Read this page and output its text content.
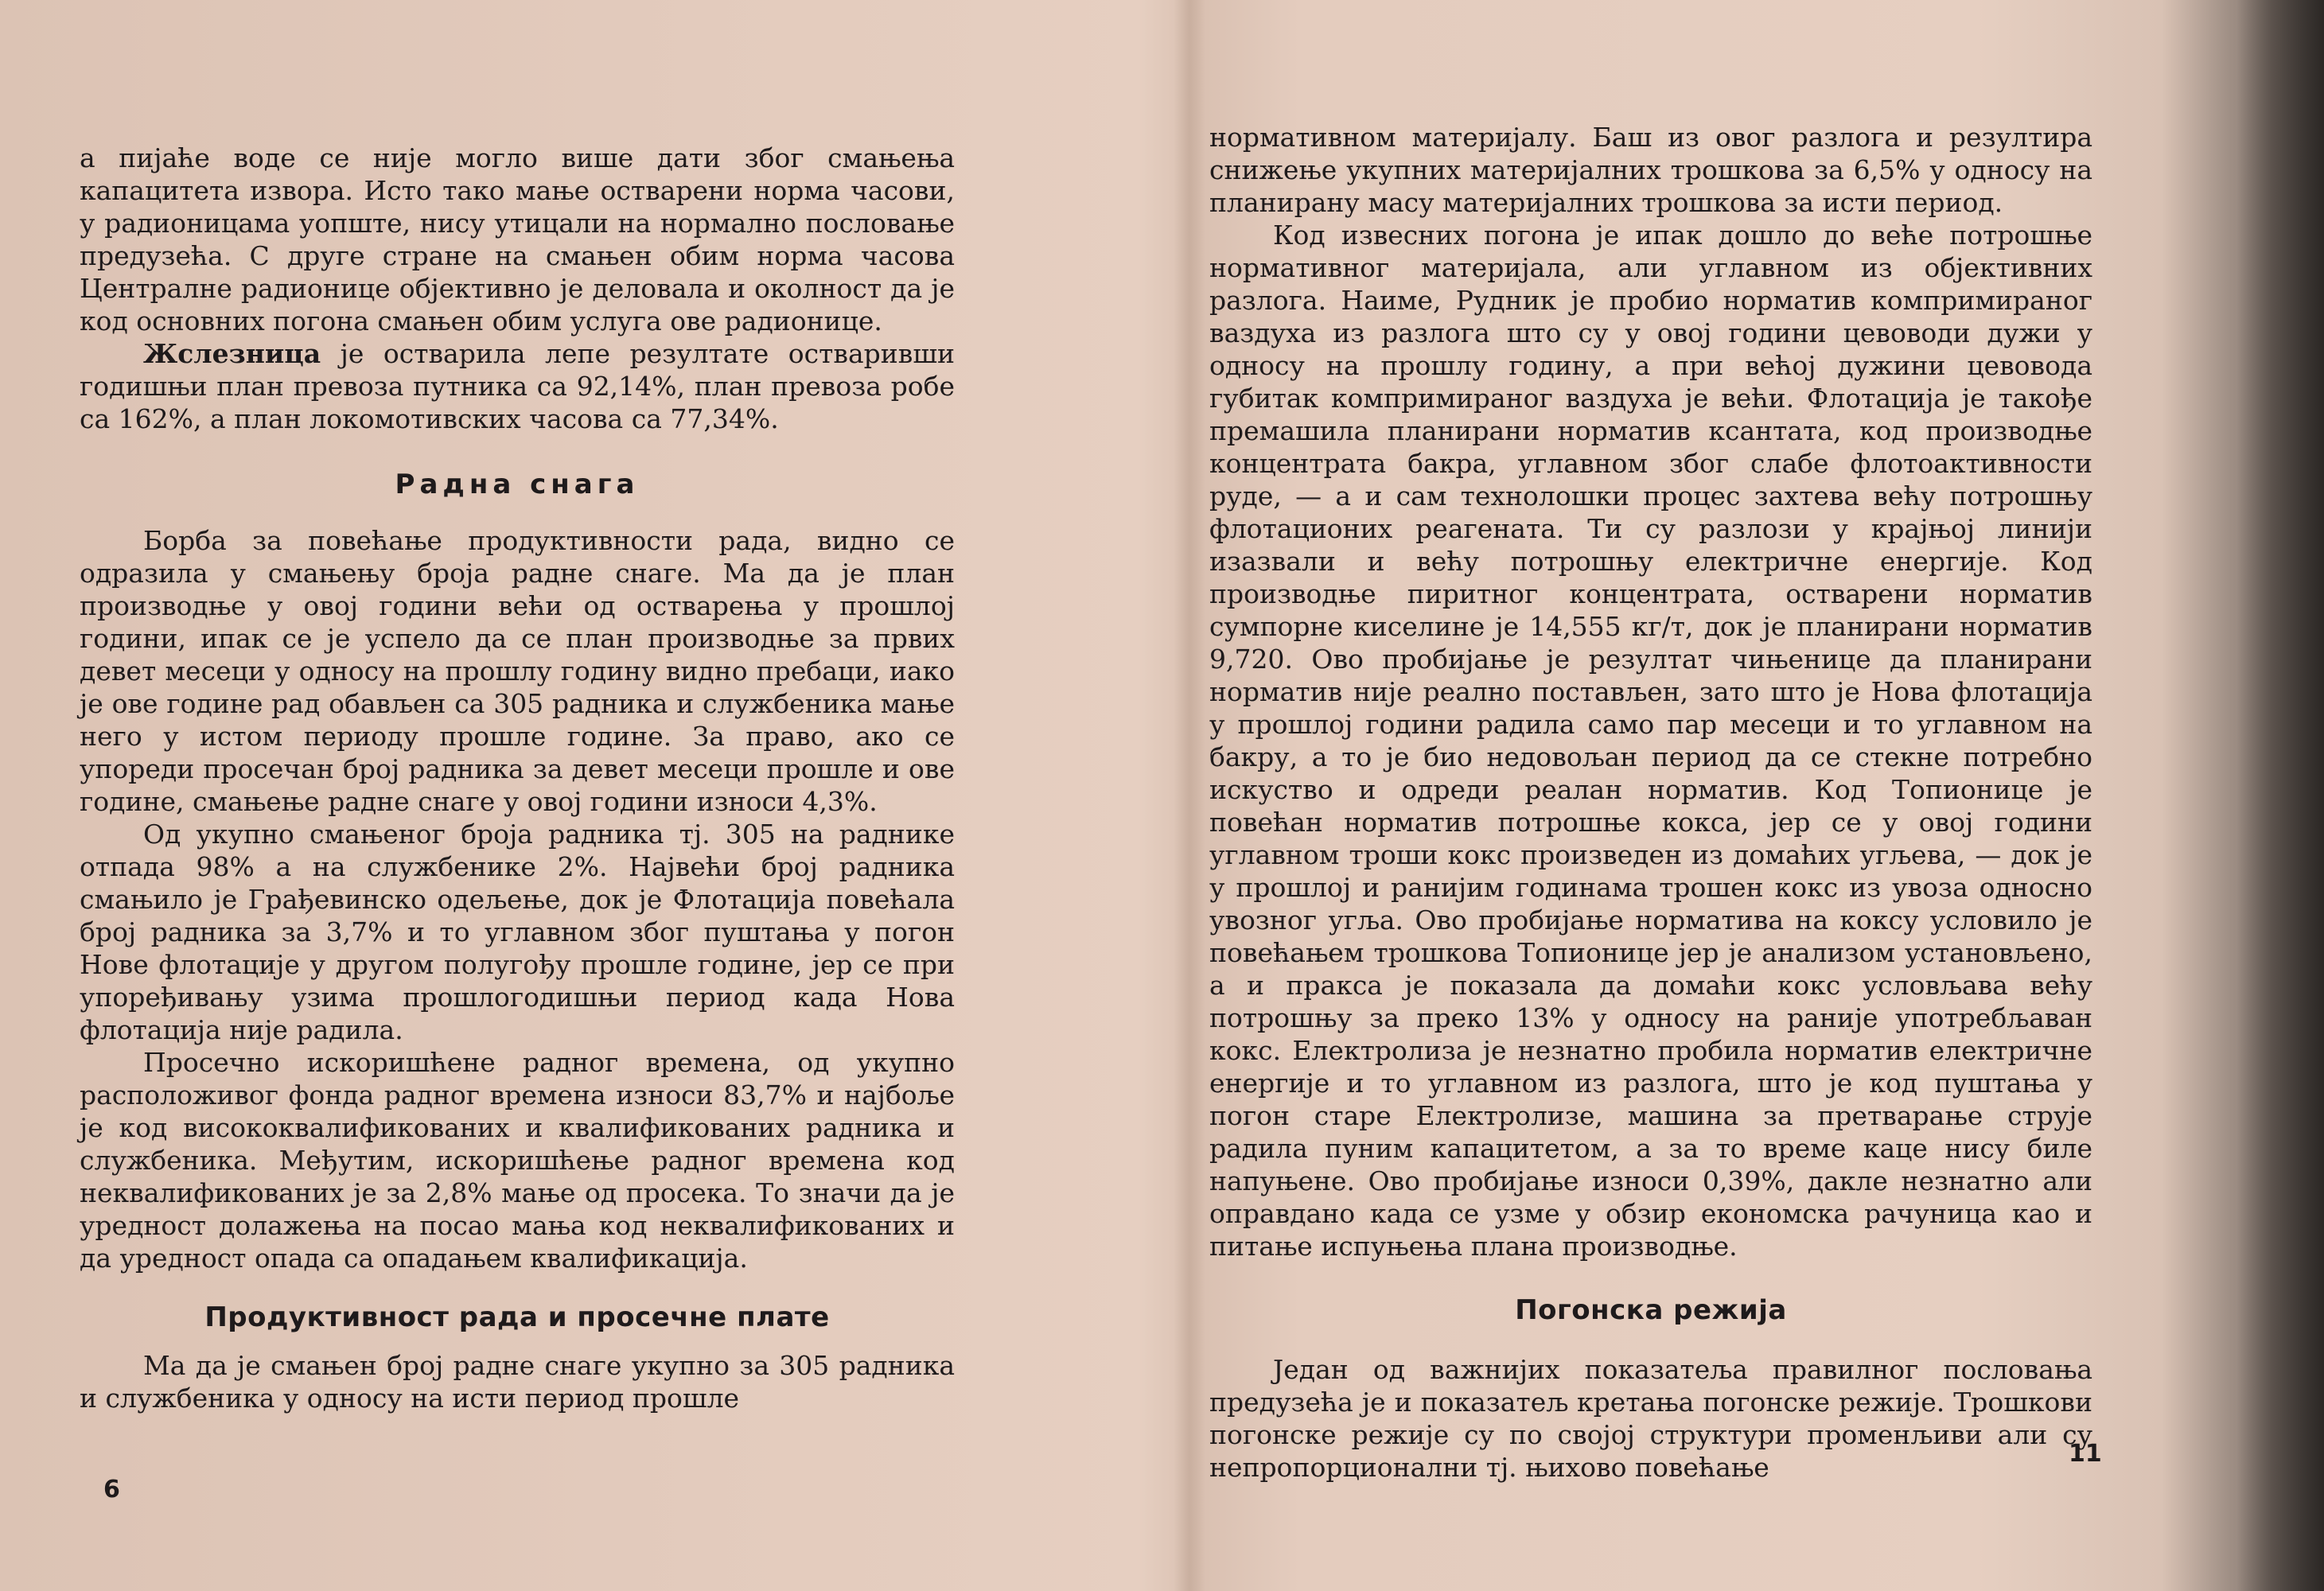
а пијаће воде се није могло више дати због смањења капацитета извора. Исто тако мање остварени норма часови, у радионицама уопште, нису утицали на нормално пословање предузећа. С друге стране на смањен обим норма часова Централне радионице објективно је деловала и околност да је код основних погона смањен обим услуга ове радионице.

Жслезница је остварила лепе резултате остваривши годишњи план превоза путника са 92,14%, план превоза робе са 162%, а план локомотивских часова са 77,34%.

Радна снага

Борба за повећање продуктивности рада, видно се одразила у смањењу броја радне снаге. Ма да је план производње у овој години већи од остварења у прошлој години, ипак се је успело да се план производње за првих девет месеци у односу на прошлу годину видно пребаци, иако је ове године рад обављен са 305 радника и службеника мање него у истом периоду прошле године. За право, ако се упореди просечан број радника за девет месеци прошле и ове године, смањење радне снаге у овој години износи 4,3%.

Од укупно смањеног броја радника тј. 305 на раднике отпада 98% а на службенике 2%. Највећи број радника смањило је Грађевинско одељење, док је Флотација повећала број радника за 3,7% и то углавном због пуштања у погон Нове флотације у другом полугођу прошле године, јер се при упоређивању узима прошлогодишњи период када Нова флотација није радила.

Просечно искоришћене радног времена, од укупно расположивог фонда радног времена износи 83,7% и најбоље је код висококвалификованих и квалификованих радника и службеника. Међутим, искоришћење радног времена код неквалификованих је за 2,8% мање од просека. То значи да је уредност долажења на посао мања код неквалификованих и да уредност опада са опадањем квалификација.

Продуктивност рада и просечне плате

Ма да је смањен број радне снаге укупно за 305 радника и службеника у односу на исти период прошле

6

нормативном материјалу. Баш из овог разлога и резултира снижење укупних материјалних трошкова за 6,5% у односу на планирану масу материјалних трошкова за исти период.

Код извесних погона је ипак дошло до веће потрошње нормативног материјала, али углавном из објективних разлога. Наиме, Рудник је пробио норматив компримираног ваздуха из разлога што су у овој години цевоводи дужи у односу на прошлу годину, а при већој дужини цевовода губитак компримираног ваздуха је већи. Флотација је такође премашила планирани норматив ксантата, код производње концентрата бакра, углавном због слабе флотоактивности руде, — а и сам технолошки процес захтева већу потрошњу флотационих реагената. Ти су разлози у крајњој линији изазвали и већу потрошњу електричне енергије. Код производње пиритног концентрата, остварени норматив сумпорне киселине је 14,555 кг/т, док је планирани норматив 9,720. Ово пробијање је резултат чињенице да планирани норматив није реално постављен, зато што је Нова флотација у прошлој години радила само пар месеци и то углавном на бакру, а то је био недовољан период да се стекне потребно искуство и одреди реалан норматив. Код Топионице је повећан норматив потрошње кокса, јер се у овој години углавном троши кокс произведен из домаћих угљева, — док је у прошлој и ранијим годинама трошен кокс из увоза односно увозног угља. Ово пробијање норматива на коксу условило је повећањем трошкова Топионице јер је анализом установљено, а и пракса је показала да домаћи кокс условљава већу потрошњу за преко 13% у односу на раније употребљаван кокс. Електролиза је незнатно пробила норматив електричне енергије и то углавном из разлога, што је код пуштања у погон старе Електролизе, машина за претварање струје радила пуним капацитетом, а за то време каце нису биле напуњене. Ово пробијање износи 0,39%, дакле незнатно али оправдано када се узме у обзир економска рачуница као и питање испуњења плана производње.

Погонска режија

Један од важнијих показатеља правилног пословања предузећа је и показатељ кретања погонске режије. Трошкови погонске режије су по својој структури променљиви али су непропорционални тј. њихово повећање	11
